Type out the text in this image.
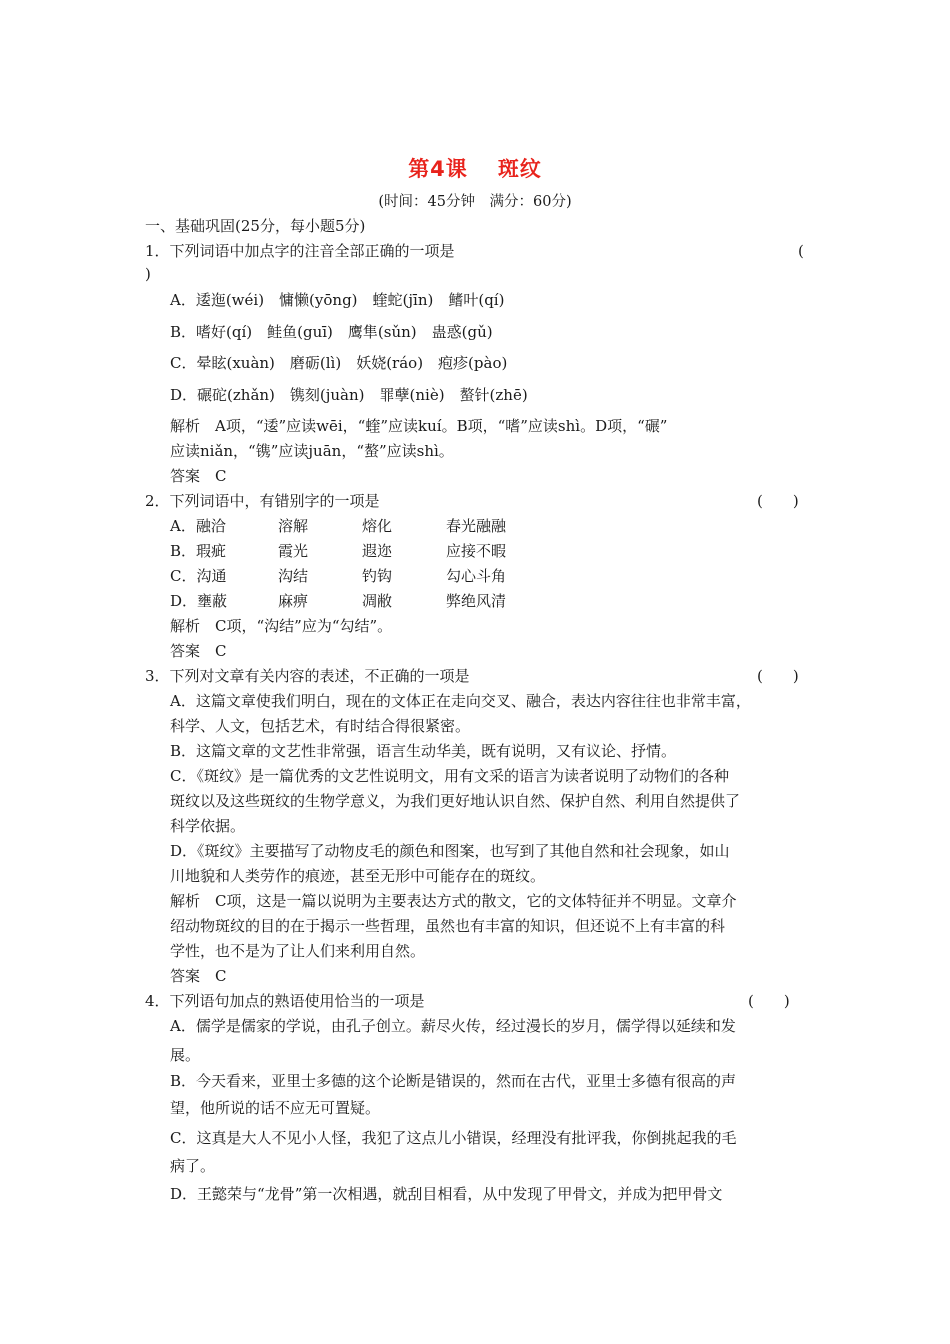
第4课 斑纹
(时间：45分钟　满分：60分)
一、基础巩固(25分，每小题5分)
1．下列词语中加点字的注音全部正确的一项是	(
)
A．逶迤(wéi)　慵懒(yōng)　蝰蛇(jīn)　鳍叶(qí)
B．嗜好(qí)　鲑鱼(guī)　鹰隼(sǔn)　蛊惑(gǔ)
C．晕眩(xuàn)　磨砺(lì)　妖娆(ráo)　疱疹(pào)
D．碾砣(zhǎn)　镌刻(juàn)　罪孽(niè)　螯针(zhē)
解析　A项，“逶”应读wēi，“蝰”应读kuí。B项，“嗜”应读shì。D项，“碾”
应读niǎn，“镌”应读juān，“螯”应读shì。
答案　C
2．下列词语中，有错别字的一项是	(　　)
A．融洽	溶解	熔化	春光融融
B．瑕疵	霞光	遐迩	应接不暇
C．沟通	沟结	钓钩	勾心斗角
D．壅蔽	麻痹	凋敝	弊绝风清
解析　C项，“沟结”应为“勾结”。
答案　C
3．下列对文章有关内容的表述，不正确的一项是	(　　)
A．这篇文章使我们明白，现在的文体正在走向交叉、融合，表达内容往往也非常丰富，
科学、人文，包括艺术，有时结合得很紧密。
B．这篇文章的文艺性非常强，语言生动华美，既有说明，又有议论、抒情。
C．《斑纹》是一篇优秀的文艺性说明文，用有文采的语言为读者说明了动物们的各种
斑纹以及这些斑纹的生物学意义，为我们更好地认识自然、保护自然、利用自然提供了
科学依据。
D．《斑纹》主要描写了动物皮毛的颜色和图案，也写到了其他自然和社会现象，如山
川地貌和人类劳作的痕迹，甚至无形中可能存在的斑纹。
解析　C项，这是一篇以说明为主要表达方式的散文，它的文体特征并不明显。文章介
绍动物斑纹的目的在于揭示一些哲理，虽然也有丰富的知识，但还说不上有丰富的科
学性，也不是为了让人们来利用自然。
答案　C
4．下列语句加点的熟语使用恰当的一项是	(　　)
A．儒学是儒家的学说，由孔子创立。薪尽火传，经过漫长的岁月，儒学得以延续和发
展。
B．今天看来，亚里士多德的这个论断是错误的，然而在古代，亚里士多德有很高的声
望，他所说的话不应无可置疑。
C．这真是大人不见小人怪，我犯了这点儿小错误，经理没有批评我，你倒挑起我的毛
病了。
D．王懿荣与“龙骨”第一次相遇，就刮目相看，从中发现了甲骨文，并成为把甲骨文
